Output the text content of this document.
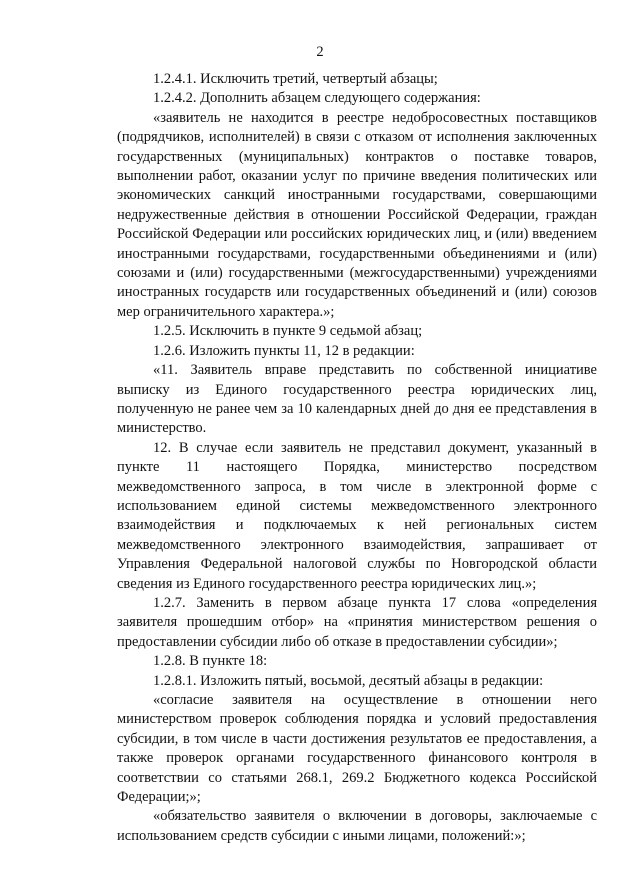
2

1.2.4.1. Исключить третий, четвертый абзацы;

1.2.4.2. Дополнить абзацем следующего содержания:

«заявитель не находится в реестре недобросовестных поставщиков (подрядчиков, исполнителей) в связи с отказом от исполнения заключенных государственных (муниципальных) контрактов о поставке товаров, выполнении работ, оказании услуг по причине введения политических или экономических санкций иностранными государствами, совершающими недружественные действия в отношении Российской Федерации, граждан Российской Федерации или российских юридических лиц, и (или) введением иностранными государствами, государственными объединениями и (или) союзами и (или) государственными (межгосударственными) учреждениями иностранных государств или государственных объединений и (или) союзов мер ограничительного характера.»;

1.2.5. Исключить в пункте 9 седьмой абзац;

1.2.6. Изложить пункты 11, 12 в редакции:

«11. Заявитель вправе представить по собственной инициативе выписку из Единого государственного реестра юридических лиц, полученную не ранее чем за 10 календарных дней до дня ее представления в министерство.

12. В случае если заявитель не представил документ, указанный в пункте 11 настоящего Порядка, министерство посредством межведомственного запроса, в том числе в электронной форме с использованием единой системы межведомственного электронного взаимодействия и подключаемых к ней региональных систем межведомственного электронного взаимодействия, запрашивает от Управления Федеральной налоговой службы по Новгородской области сведения из Единого государственного реестра юридических лиц.»;

1.2.7. Заменить в первом абзаце пункта 17 слова «определения заявителя прошедшим отбор» на «принятия министерством решения о предоставлении субсидии либо об отказе в предоставлении субсидии»;

1.2.8. В пункте 18:

1.2.8.1. Изложить пятый, восьмой, десятый абзацы в редакции:

«согласие заявителя на осуществление в отношении него министерством проверок соблюдения порядка и условий предоставления субсидии, в том числе в части достижения результатов ее предоставления, а также проверок органами государственного финансового контроля в соответствии со статьями 268.1, 269.2 Бюджетного кодекса Российской Федерации;»;

«обязательство заявителя о включении в договоры, заключаемые с использованием средств субсидии с иными лицами, положений:»;
